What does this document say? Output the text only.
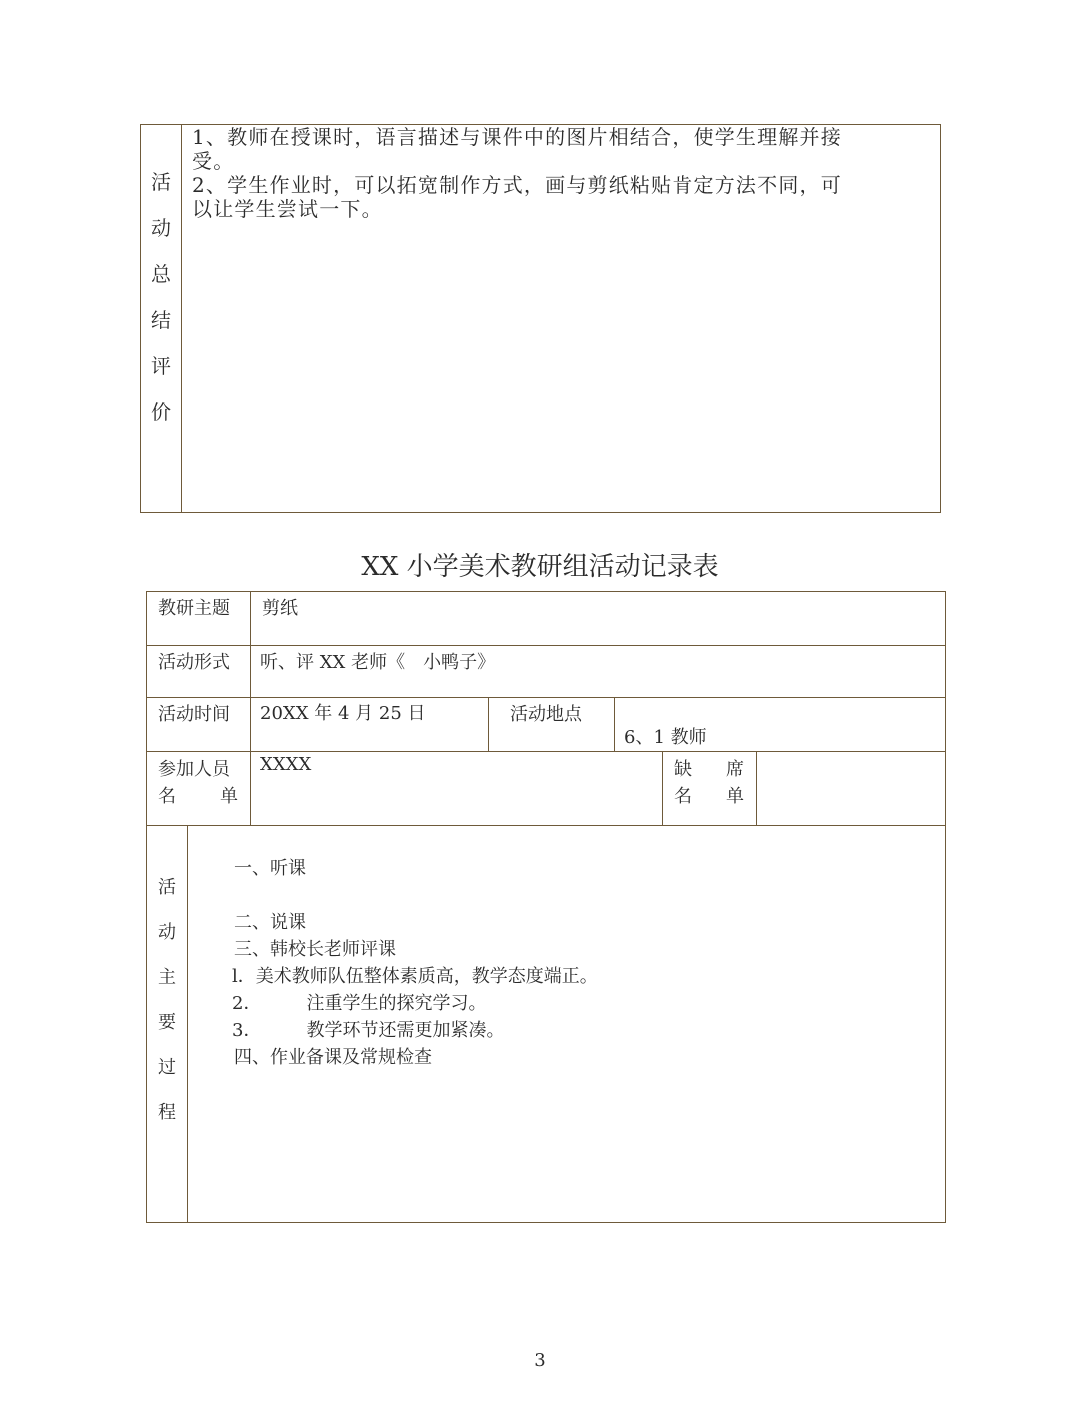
活
动
总
结
评
价
1、教师在授课时，语言描述与课件中的图片相结合，使学生理解并接
受。
2、学生作业时，可以拓宽制作方式，画与剪纸粘贴肯定方法不同，可
以让学生尝试一下。
XX 小学美术教研组活动记录表
教研主题 剪纸
活动形式 听、评 XX 老师《　小鸭子》
活动时间 20XX 年 4 月 25 日	活动地点
6、1 教师
参加人员
名 单
XXXX	缺 席
名 单
活
动
主
要
过
程
一、听课
二、说课
三、韩校长老师评课
l．美术教师队伍整体素质高，教学态度端正。
2．　　　注重学生的探究学习。
3．　　　教学环节还需更加紧凑。
四、作业备课及常规检查
3
